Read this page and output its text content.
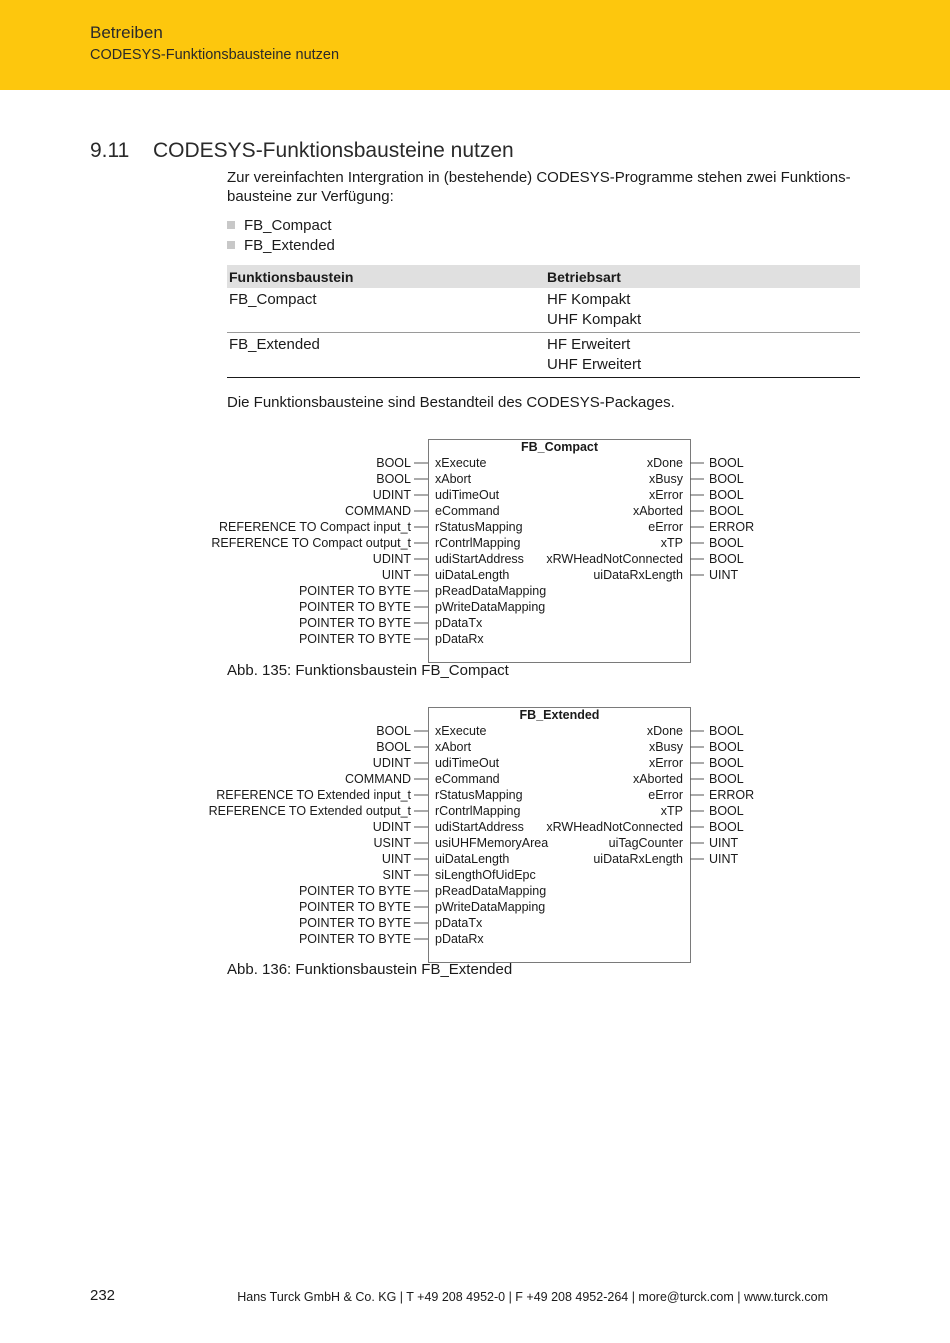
Betreiben
CODESYS-Funktionsbausteine nutzen
9.11 CODESYS-Funktionsbausteine nutzen
Zur vereinfachten Intergration in (bestehende) CODESYS-Programme stehen zwei Funktions-
bausteine zur Verfügung:
FB_Compact
FB_Extended
Funktionsbaustein	Betriebsart
FB_Compact	HF Kompakt
UHF Kompakt

FB_Extended	HF Erweitert
UHF Erweitert
Die Funktionsbausteine sind Bestandteil des CODESYS-Packages.
FB_Compact
BOOL xExecute
BOOL xAbort
UDINT udiTimeOut
COMMAND eCommand
REFERENCE TO Compact input_t rStatusMapping
REFERENCE TO Compact output_t rContrlMapping
UDINT udiStartAddress
UINT uiDataLength
POINTER TO BYTE pReadDataMapping
POINTER TO BYTE pWriteDataMapping
POINTER TO BYTE pDataTx
POINTER TO BYTE pDataRx
xDone BOOL
xBusy BOOL
xError BOOL
xAborted BOOL
eError ERROR
xTP BOOL
xRWHeadNotConnected BOOL
uiDataRxLength UINT
Abb. 135: Funktionsbaustein FB_Compact
FB_Extended
BOOL xExecute
BOOL xAbort
UDINT udiTimeOut
COMMAND eCommand
REFERENCE TO Extended input_t rStatusMapping
REFERENCE TO Extended output_t rContrlMapping
UDINT udiStartAddress
USINT usiUHFMemoryArea
UINT uiDataLength
SINT siLengthOfUidEpc
POINTER TO BYTE pReadDataMapping
POINTER TO BYTE pWriteDataMapping
POINTER TO BYTE pDataTx
POINTER TO BYTE pDataRx
xDone BOOL
xBusy BOOL
xError BOOL
xAborted BOOL
eError ERROR
xTP BOOL
xRWHeadNotConnected BOOL
uiTagCounter UINT
uiDataRxLength UINT
Abb. 136: Funktionsbaustein FB_Extended
232	Hans Turck GmbH & Co. KG | T +49 208 4952-0 | F +49 208 4952-264 | more@turck.com | www.turck.com
